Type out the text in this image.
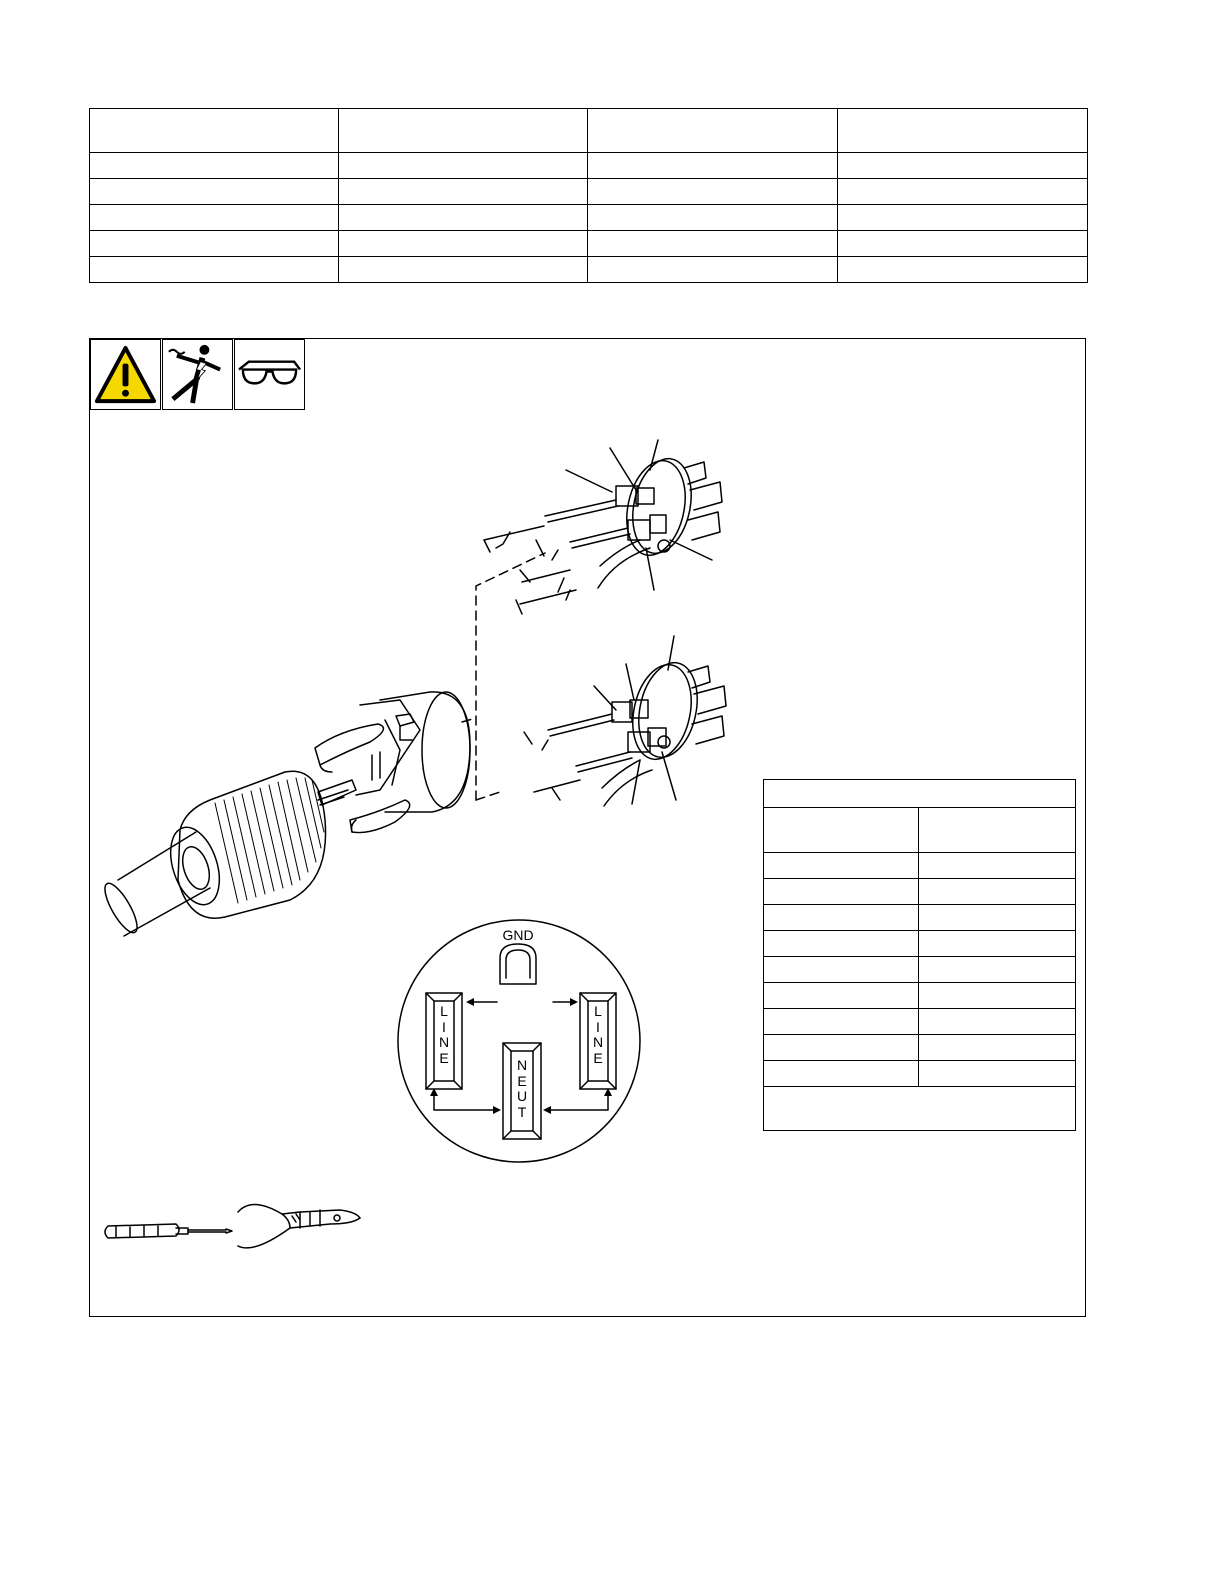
GND
LINE
LINE
NEUT
